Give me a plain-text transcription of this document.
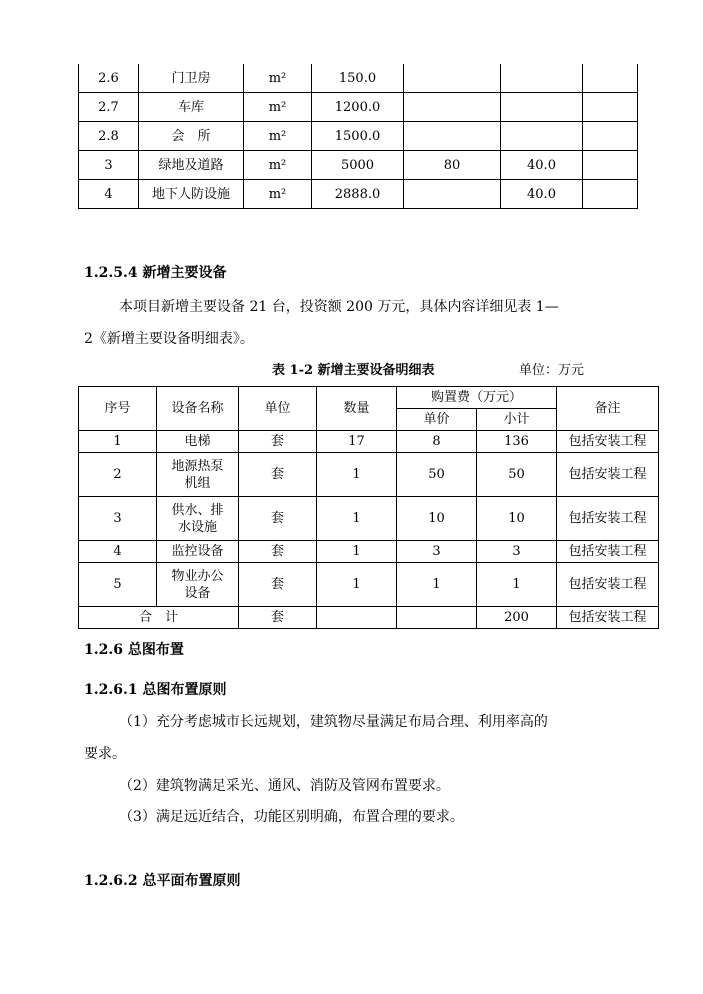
2.6	门卫房	m²	150.0			
2.7	车库	m²	1200.0			
2.8	会　所	m²	1500.0			
3	绿地及道路	m²	5000	80	40.0	
4	地下人防设施	m²	2888.0		40.0	
1.2.5.4 新增主要设备
本项目新增主要设备 21 台，投资额 200 万元，具体内容详细见表 1—
2《新增主要设备明细表》。
表 1-2 新增主要设备明细表	单位：万元
序号	设备名称	单位	数量	购置费（万元）		备注
				单价	小计	
1	电梯	套	17	8	136	包括安装工程
2	地源热泵机组	套	1	50	50	包括安装工程
3	供水、排水设施	套	1	10	10	包括安装工程
4	监控设备	套	1	3	3	包括安装工程
5	物业办公设备	套	1	1	1	包括安装工程
合　计		套			200	包括安装工程
1.2.6 总图布置
1.2.6.1 总图布置原则
（1）充分考虑城市长远规划，建筑物尽量满足布局合理、利用率高的
要求。
（2）建筑物满足采光、通风、消防及管网布置要求。
（3）满足远近结合，功能区别明确，布置合理的要求。
1.2.6.2 总平面布置原则
